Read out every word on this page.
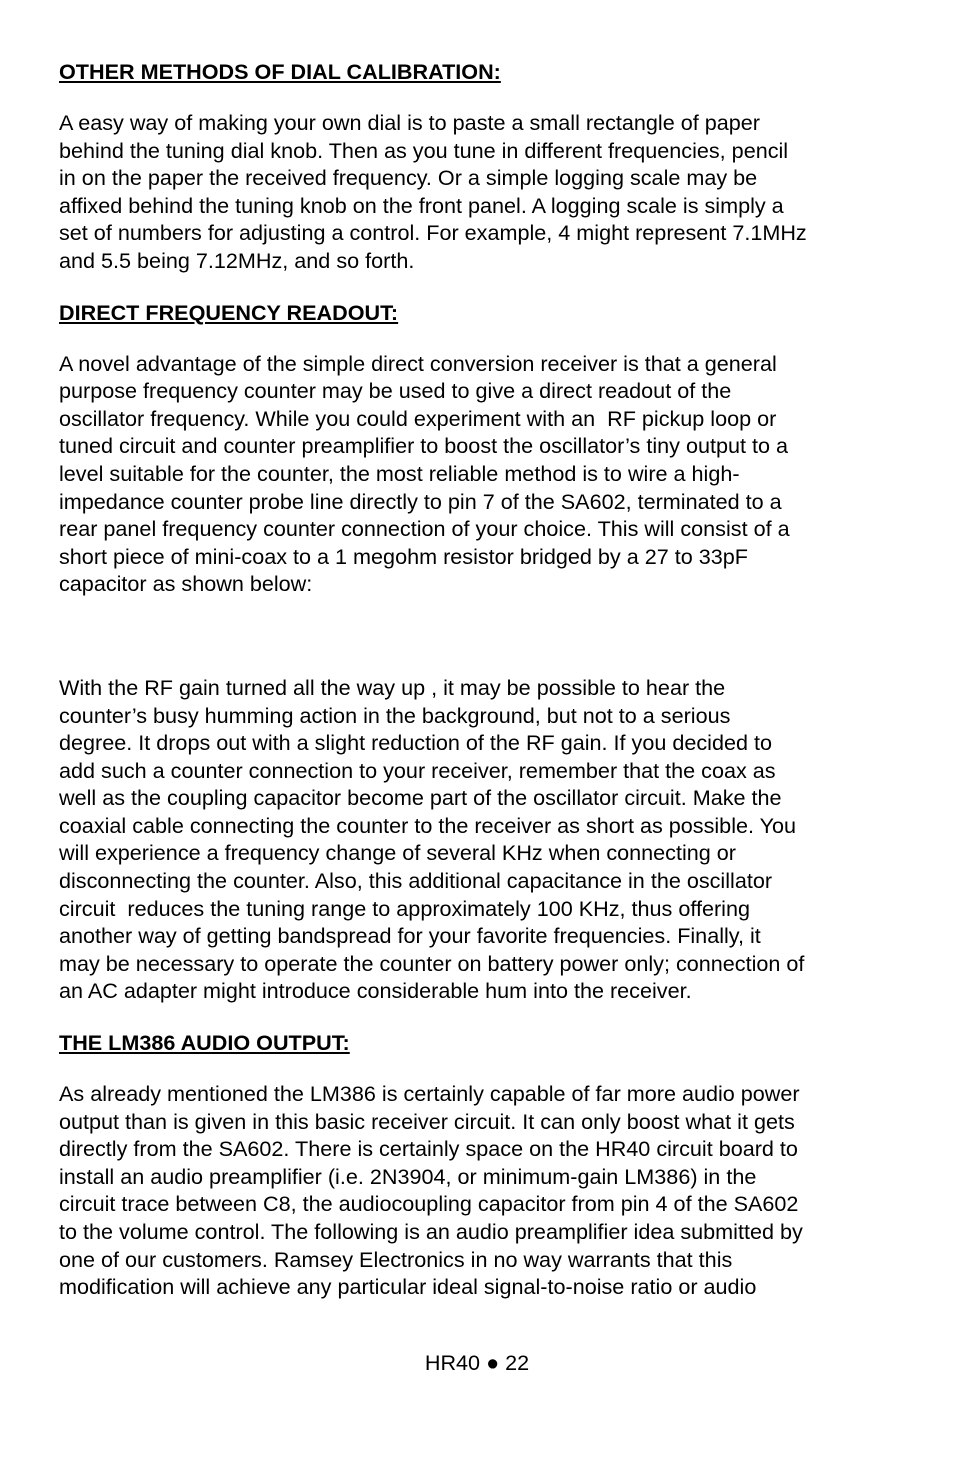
OTHER METHODS OF DIAL CALIBRATION:

A easy way of making your own dial is to paste a small rectangle of paper
behind the tuning dial knob. Then as you tune in different frequencies, pencil
in on the paper the received frequency. Or a simple logging scale may be
affixed behind the tuning knob on the front panel. A logging scale is simply a
set of numbers for adjusting a control. For example, 4 might represent 7.1MHz
and 5.5 being 7.12MHz, and so forth.

DIRECT FREQUENCY READOUT:

A novel advantage of the simple direct conversion receiver is that a general
purpose frequency counter may be used to give a direct readout of the
oscillator frequency. While you could experiment with an  RF pickup loop or
tuned circuit and counter preamplifier to boost the oscillator’s tiny output to a
level suitable for the counter, the most reliable method is to wire a high-
impedance counter probe line directly to pin 7 of the SA602, terminated to a
rear panel frequency counter connection of your choice. This will consist of a
short piece of mini-coax to a 1 megohm resistor bridged by a 27 to 33pF
capacitor as shown below:

With the RF gain turned all the way up , it may be possible to hear the
counter’s busy humming action in the background, but not to a serious
degree. It drops out with a slight reduction of the RF gain. If you decided to
add such a counter connection to your receiver, remember that the coax as
well as the coupling capacitor become part of the oscillator circuit. Make the
coaxial cable connecting the counter to the receiver as short as possible. You
will experience a frequency change of several KHz when connecting or
disconnecting the counter. Also, this additional capacitance in the oscillator
circuit  reduces the tuning range to approximately 100 KHz, thus offering
another way of getting bandspread for your favorite frequencies. Finally, it
may be necessary to operate the counter on battery power only; connection of
an AC adapter might introduce considerable hum into the receiver.

THE LM386 AUDIO OUTPUT:

As already mentioned the LM386 is certainly capable of far more audio power
output than is given in this basic receiver circuit. It can only boost what it gets
directly from the SA602. There is certainly space on the HR40 circuit board to
install an audio preamplifier (i.e. 2N3904, or minimum-gain LM386) in the
circuit trace between C8, the audiocoupling capacitor from pin 4 of the SA602
to the volume control. The following is an audio preamplifier idea submitted by
one of our customers. Ramsey Electronics in no way warrants that this
modification will achieve any particular ideal signal-to-noise ratio or audio

HR40 ● 22
